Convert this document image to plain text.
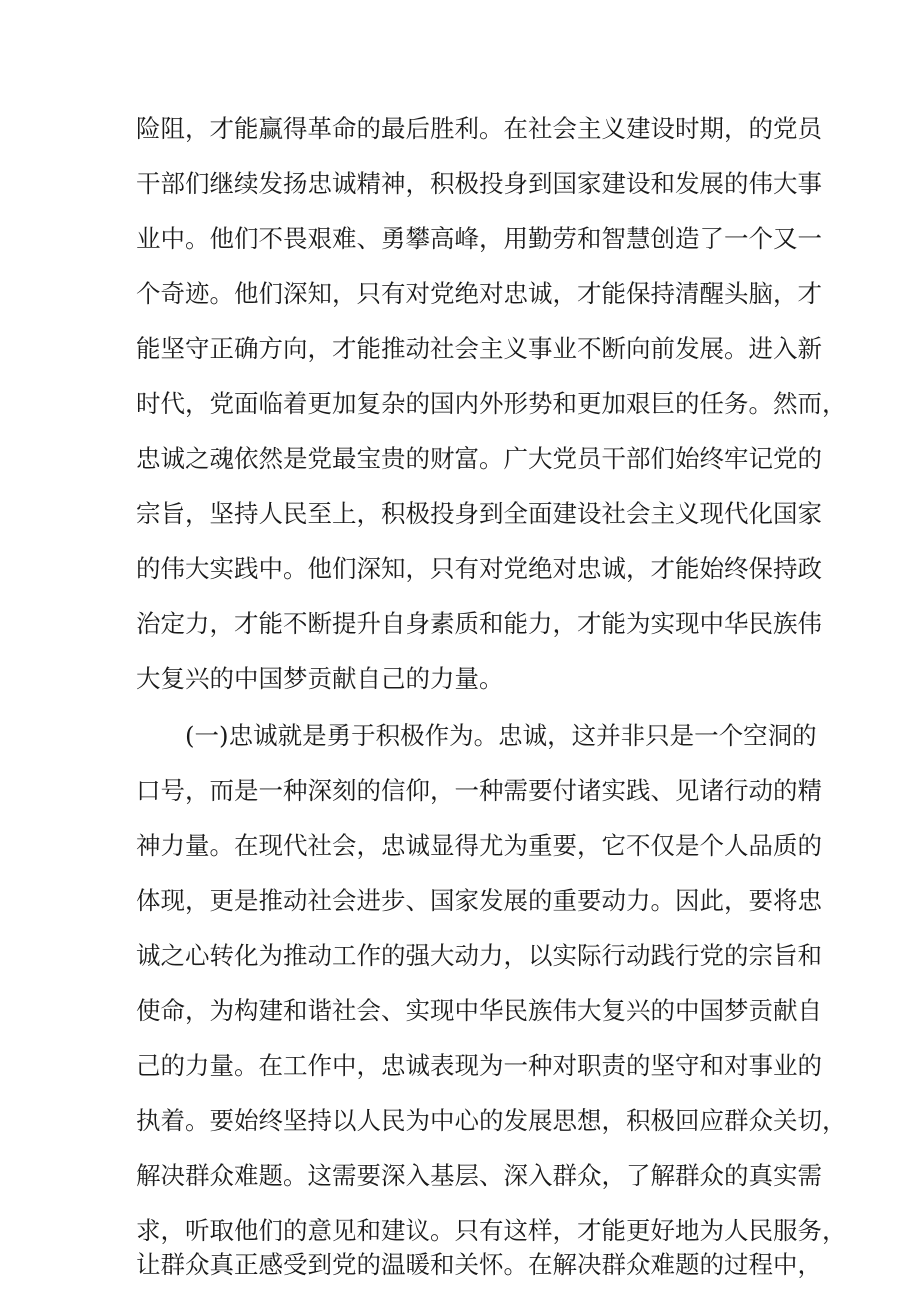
险阻，才能赢得革命的最后胜利。在社会主义建设时期，的党员
干部们继续发扬忠诚精神，积极投身到国家建设和发展的伟大事
业中。他们不畏艰难、勇攀高峰，用勤劳和智慧创造了一个又一
个奇迹。他们深知，只有对党绝对忠诚，才能保持清醒头脑，才
能坚守正确方向，才能推动社会主义事业不断向前发展。进入新
时代，党面临着更加复杂的国内外形势和更加艰巨的任务。然而，
忠诚之魂依然是党最宝贵的财富。广大党员干部们始终牢记党的
宗旨，坚持人民至上，积极投身到全面建设社会主义现代化国家
的伟大实践中。他们深知，只有对党绝对忠诚，才能始终保持政
治定力，才能不断提升自身素质和能力，才能为实现中华民族伟
大复兴的中国梦贡献自己的力量。
(一)忠诚就是勇于积极作为。忠诚，这并非只是一个空洞的
口号，而是一种深刻的信仰，一种需要付诸实践、见诸行动的精
神力量。在现代社会，忠诚显得尤为重要，它不仅是个人品质的
体现，更是推动社会进步、国家发展的重要动力。因此，要将忠
诚之心转化为推动工作的强大动力，以实际行动践行党的宗旨和
使命，为构建和谐社会、实现中华民族伟大复兴的中国梦贡献自
己的力量。在工作中，忠诚表现为一种对职责的坚守和对事业的
执着。要始终坚持以人民为中心的发展思想，积极回应群众关切，
解决群众难题。这需要深入基层、深入群众，了解群众的真实需
求，听取他们的意见和建议。只有这样，才能更好地为人民服务，
让群众真正感受到党的温暖和关怀。在解决群众难题的过程中，
